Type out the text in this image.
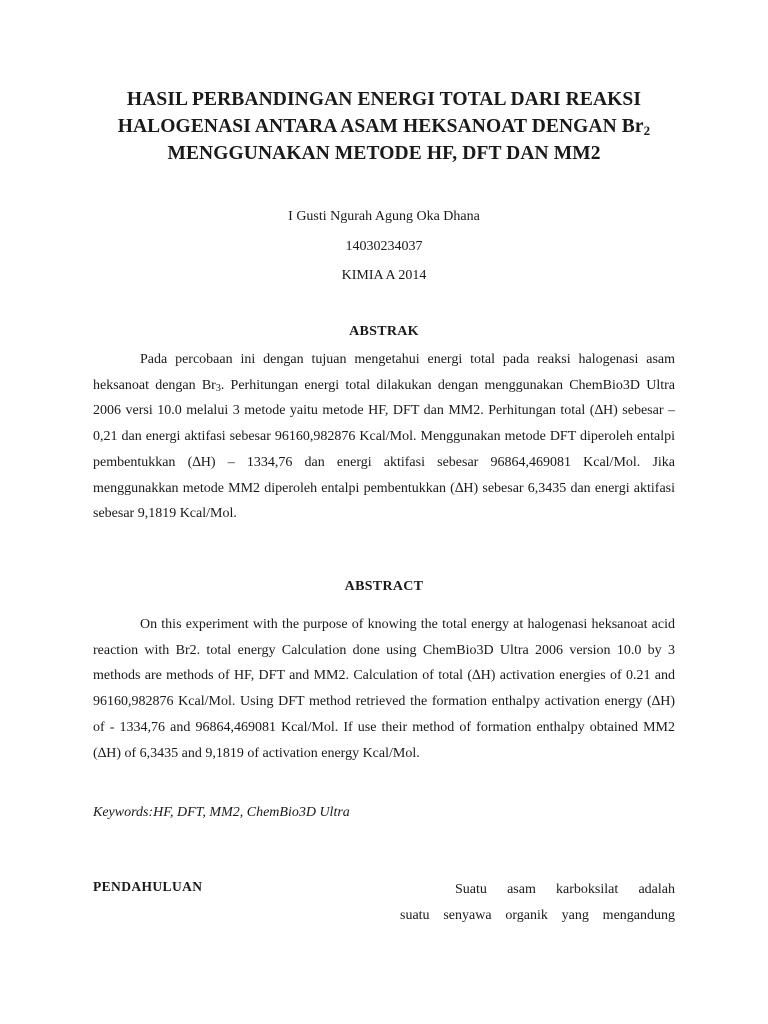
HASIL PERBANDINGAN ENERGI TOTAL DARI REAKSI
HALOGENASI ANTARA ASAM HEKSANOAT DENGAN $Br_2$
MENGGUNAKAN METODE HF, DFT DAN MM2
I Gusti Ngurah Agung Oka Dhana
14030234037
KIMIA A 2014
ABSTRAK

Pada percobaan ini dengan tujuan mengetahui energi total pada reaksi halogenasi asam heksanoat dengan $Br_3$. Perhitungan energi total dilakukan dengan menggunakan ChemBio3D Ultra 2006 versi 10.0 melalui 3 metode yaitu metode HF, DFT dan MM2. Perhitungan total (∆H) sebesar – 0,21 dan energi aktifasi sebesar 96160,982876 Kcal/Mol. Menggunakan metode DFT diperoleh entalpi pembentukkan (∆H) – 1334,76 dan energi aktifasi sebesar 96864,469081 Kcal/Mol. Jika menggunakkan metode MM2 diperoleh entalpi pembentukkan (∆H) sebesar 6,3435 dan energi aktifasi sebesar 9,1819 Kcal/Mol.

ABSTRACT

On this experiment with the purpose of knowing the total energy at halogenasi heksanoat acid reaction with Br2. total energy Calculation done using ChemBio3D Ultra 2006 version 10.0 by 3 methods are methods of HF, DFT and MM2. Calculation of total (∆H) activation energies of 0.21 and 96160,982876 Kcal/Mol. Using DFT method retrieved the formation enthalpy activation energy (∆H) of - 1334,76 and 96864,469081 Kcal/Mol. If use their method of formation enthalpy obtained MM2 (∆H) of 6,3435 and 9,1819 of activation energy Kcal/Mol.

Keywords:HF, DFT, MM2, ChemBio3D Ultra
PENDAHULUAN	Suatu asam karboksilat adalah
suatu senyawa organik yang mengandung
